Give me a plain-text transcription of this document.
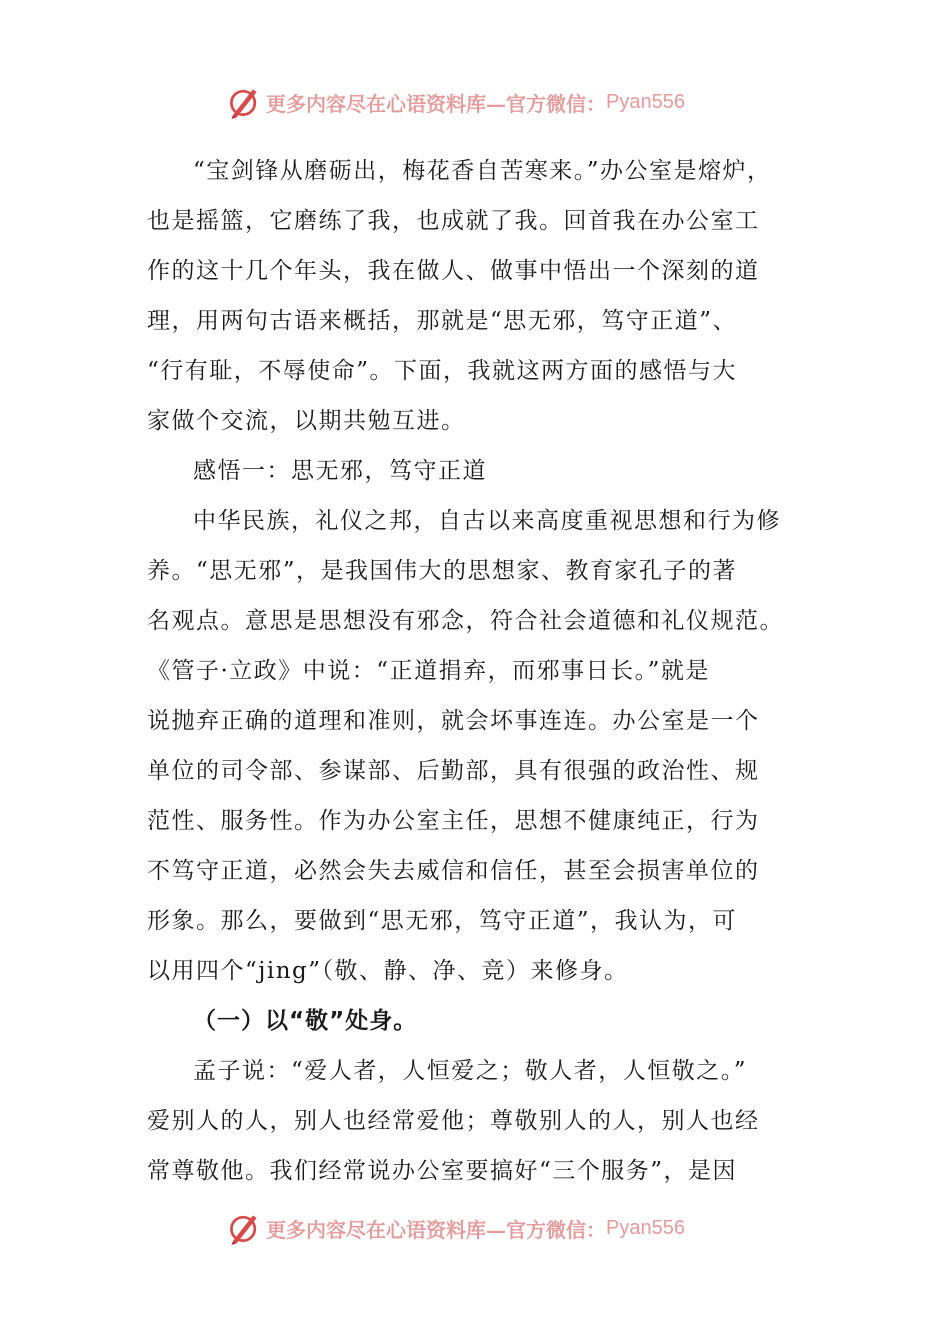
更多内容尽在心语资料库—官方微信： Pyan556
“宝剑锋从磨砺出，梅花香自苦寒来。”办公室是熔炉，
也是摇篮，它磨练了我，也成就了我。回首我在办公室工
作的这十几个年头，我在做人、做事中悟出一个深刻的道
理，用两句古语来概括，那就是“思无邪，笃守正道”、
“行有耻，不辱使命”。下面，我就这两方面的感悟与大
家做个交流，以期共勉互进。
感悟一：思无邪，笃守正道
中华民族，礼仪之邦，自古以来高度重视思想和行为修
养。“思无邪”，是我国伟大的思想家、教育家孔子的著
名观点。意思是思想没有邪念，符合社会道德和礼仪规范。
《管子·立政》中说：“正道捐弃，而邪事日长。”就是
说抛弃正确的道理和准则，就会坏事连连。办公室是一个
单位的司令部、参谋部、后勤部，具有很强的政治性、规
范性、服务性。作为办公室主任，思想不健康纯正，行为
不笃守正道，必然会失去威信和信任，甚至会损害单位的
形象。那么，要做到“思无邪，笃守正道”，我认为，可
以用四个“jing”（敬、静、净、竞）来修身。
（一）以“敬”处身。
孟子说：“爱人者，人恒爱之；敬人者，人恒敬之。”
爱别人的人，别人也经常爱他；尊敬别人的人，别人也经
常尊敬他。我们经常说办公室要搞好“三个服务”，是因
更多内容尽在心语资料库—官方微信： Pyan556
